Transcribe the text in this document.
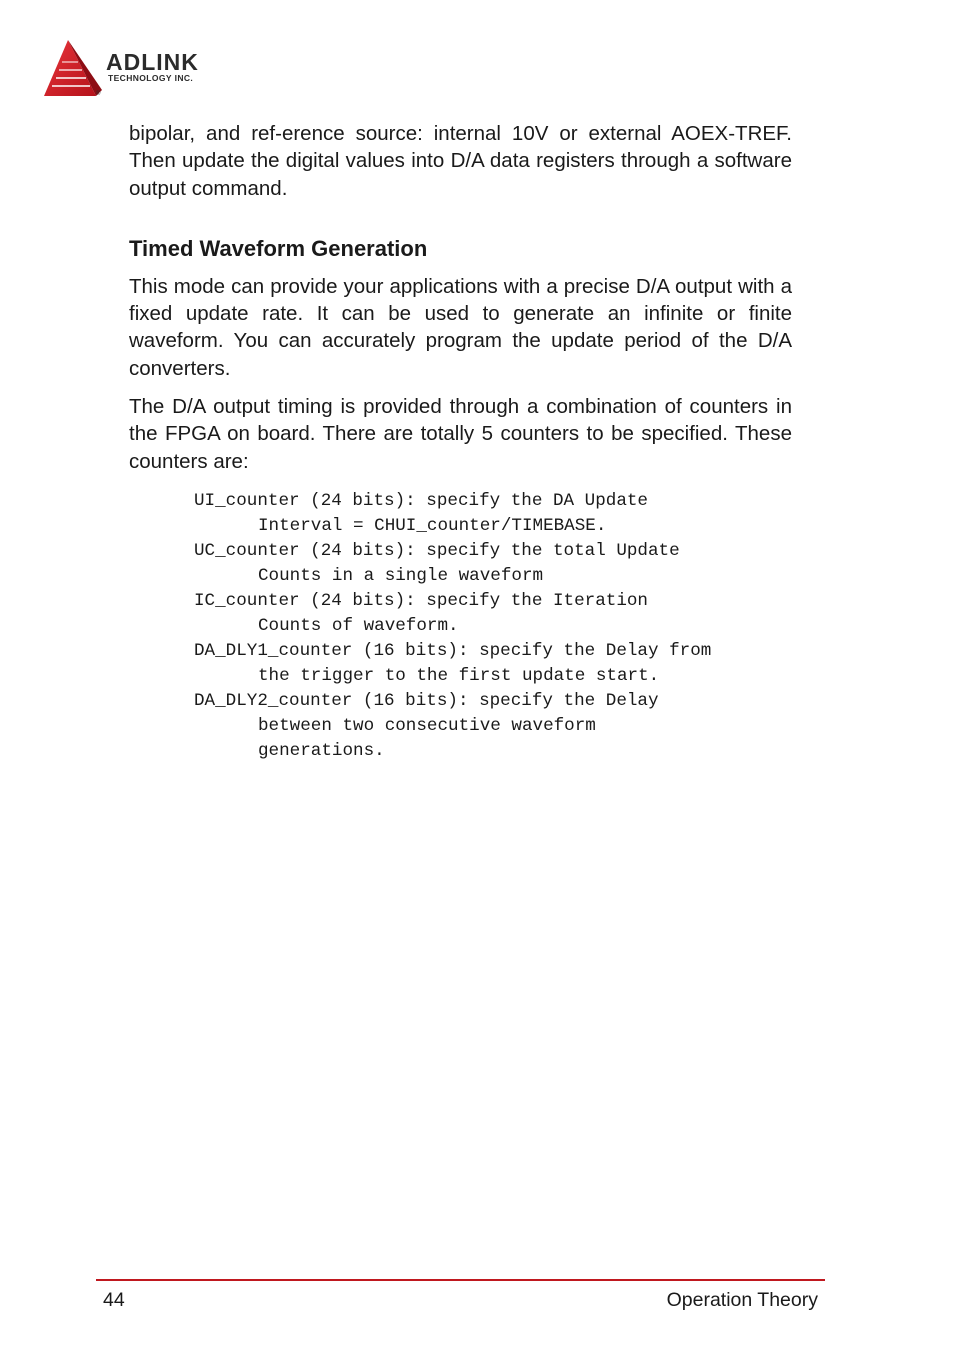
ADLINK
TECHNOLOGY INC.
®

bipolar, and ref-erence source: internal 10V or external AOEX-TREF. Then update the digital values into D/A data registers through a software output command.

Timed Waveform Generation

This mode can provide your applications with a precise D/A output with a fixed update rate. It can be used to generate an infinite or finite waveform. You can accurately program the update period of the D/A converters.

The D/A output timing is provided through a combination of counters in the FPGA on board. There are totally 5 counters to be specified. These counters are:

UI_counter (24 bits): specify the DA Update
Interval = CHUI_counter/TIMEBASE.
UC_counter (24 bits): specify the total Update
Counts in a single waveform
IC_counter (24 bits): specify the Iteration
Counts of waveform.
DA_DLY1_counter (16 bits): specify the Delay from
the trigger to the first update start.
DA_DLY2_counter (16 bits): specify the Delay
between two consecutive waveform
generations.
44	Operation Theory
